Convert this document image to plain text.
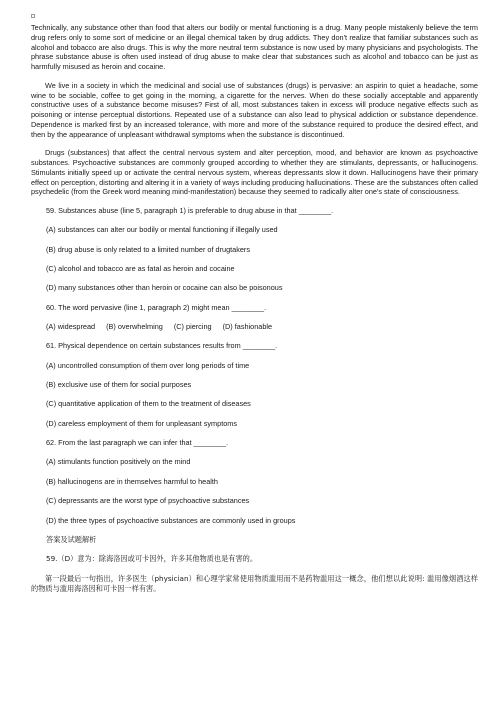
Technically, any substance other than food that alters our bodily or mental functioning is a drug. Many people mistakenly believe the term drug refers only to some sort of medicine or an illegal chemical taken by drug addicts. They don't realize that familiar substances such as alcohol and tobacco are also drugs. This is why the more neutral term substance is now used by many physicians and psychologists. The phrase substance abuse is often used instead of drug abuse to make clear that substances such as alcohol and tobacco can be just as harmfully misused as heroin and cocaine.

We live in a society in which the medicinal and social use of substances (drugs) is pervasive: an aspirin to quiet a headache, some wine to be sociable, coffee to get going in the morning, a cigarette for the nerves. When do these socially acceptable and apparently constructive uses of a substance become misuses? First of all, most substances taken in excess will produce negative effects such as poisoning or intense perceptual distortions. Repeated use of a substance can also lead to physical addiction or substance dependence. Dependence is marked first by an increased tolerance, with more and more of the substance required to produce the desired effect, and then by the appearance of unpleasant withdrawal symptoms when the substance is discontinued.

Drugs (substances) that affect the central nervous system and alter perception, mood, and behavior are known as psychoactive substances. Psychoactive substances are commonly grouped according to whether they are stimulants, depressants, or hallucinogens. Stimulants initially speed up or activate the central nervous system, whereas depressants slow it down. Hallucinogens have their primary effect on perception, distorting and altering it in a variety of ways including producing hallucinations. These are the substances often called psychedelic (from the Greek word meaning mind-manifestation) because they seemed to radically alter one's state of consciousness.

59. Substances abuse (line 5, paragraph 1) is preferable to drug abuse in that ________.

(A) substances can alter our bodily or mental functioning if illegally used

(B) drug abuse is only related to a limited number of drugtakers

(C) alcohol and tobacco are as fatal as heroin and cocaine

(D) many substances other than heroin or cocaine can also be poisonous

60. The word pervasive (line 1, paragraph 2) might mean ________.

(A) widespread (B) overwhelming (C) piercing (D) fashionable

61. Physical dependence on certain substances results from ________.

(A) uncontrolled consumption of them over long periods of time

(B) exclusive use of them for social purposes

(C) quantitative application of them to the treatment of diseases

(D) careless employment of them for unpleasant symptoms

62. From the last paragraph we can infer that ________.

(A) stimulants function positively on the mind

(B) hallucinogens are in themselves harmful to health

(C) depressants are the worst type of psychoactive substances

(D) the three types of psychoactive substances are commonly used in groups

答案及试题解析

59.（D）意为：除海洛因或可卡因外，许多其他物质也是有害的。

第一段最后一句指出，许多医生（physician）和心理学家常使用物质滥用而不是药物滥用这一概念，他们想以此说明: 滥用像烟酒这样的物质与滥用海洛因和可卡因一样有害。
